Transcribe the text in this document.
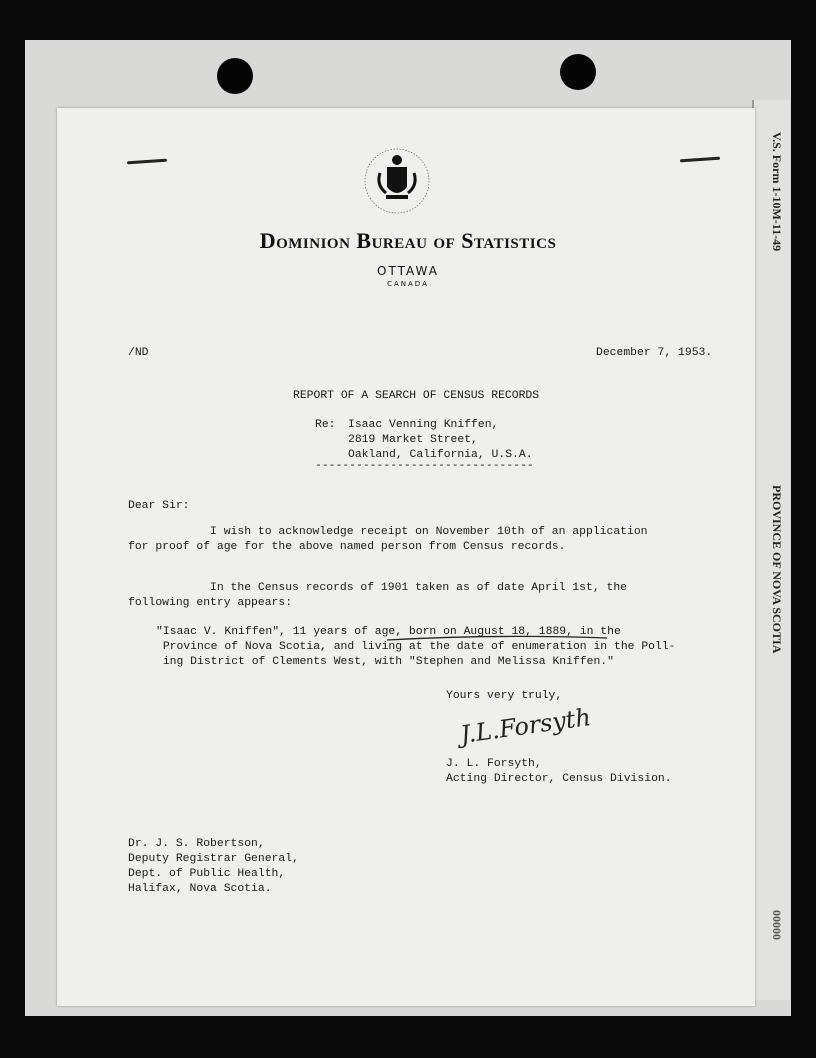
V.S. Form 1-10M-11-49
PROVINCE OF NOVA SCOTIA
00000
Dominion Bureau of Statistics
OTTAWA
CANADA
/ND	December 7, 1953.
REPORT OF A SEARCH OF CENSUS RECORDS
Re: Isaac Venning Kniffen,
2819 Market Street,
Oakland, California, U.S.A.
--------------------------------
Dear Sir:
I wish to acknowledge receipt on November 10th of an application
for proof of age for the above named person from Census records.
In the Census records of 1901 taken as of date April 1st, the
following entry appears:
"Isaac V. Kniffen", 11 years of age, born on August 18, 1889, in the
Province of Nova Scotia, and living at the date of enumeration in the Poll-
ing District of Clements West, with "Stephen and Melissa Kniffen."
Yours very truly,
J.L.Forsyth
J. L. Forsyth,
Acting Director, Census Division.
Dr. J. S. Robertson,
Deputy Registrar General,
Dept. of Public Health,
Halifax, Nova Scotia.
